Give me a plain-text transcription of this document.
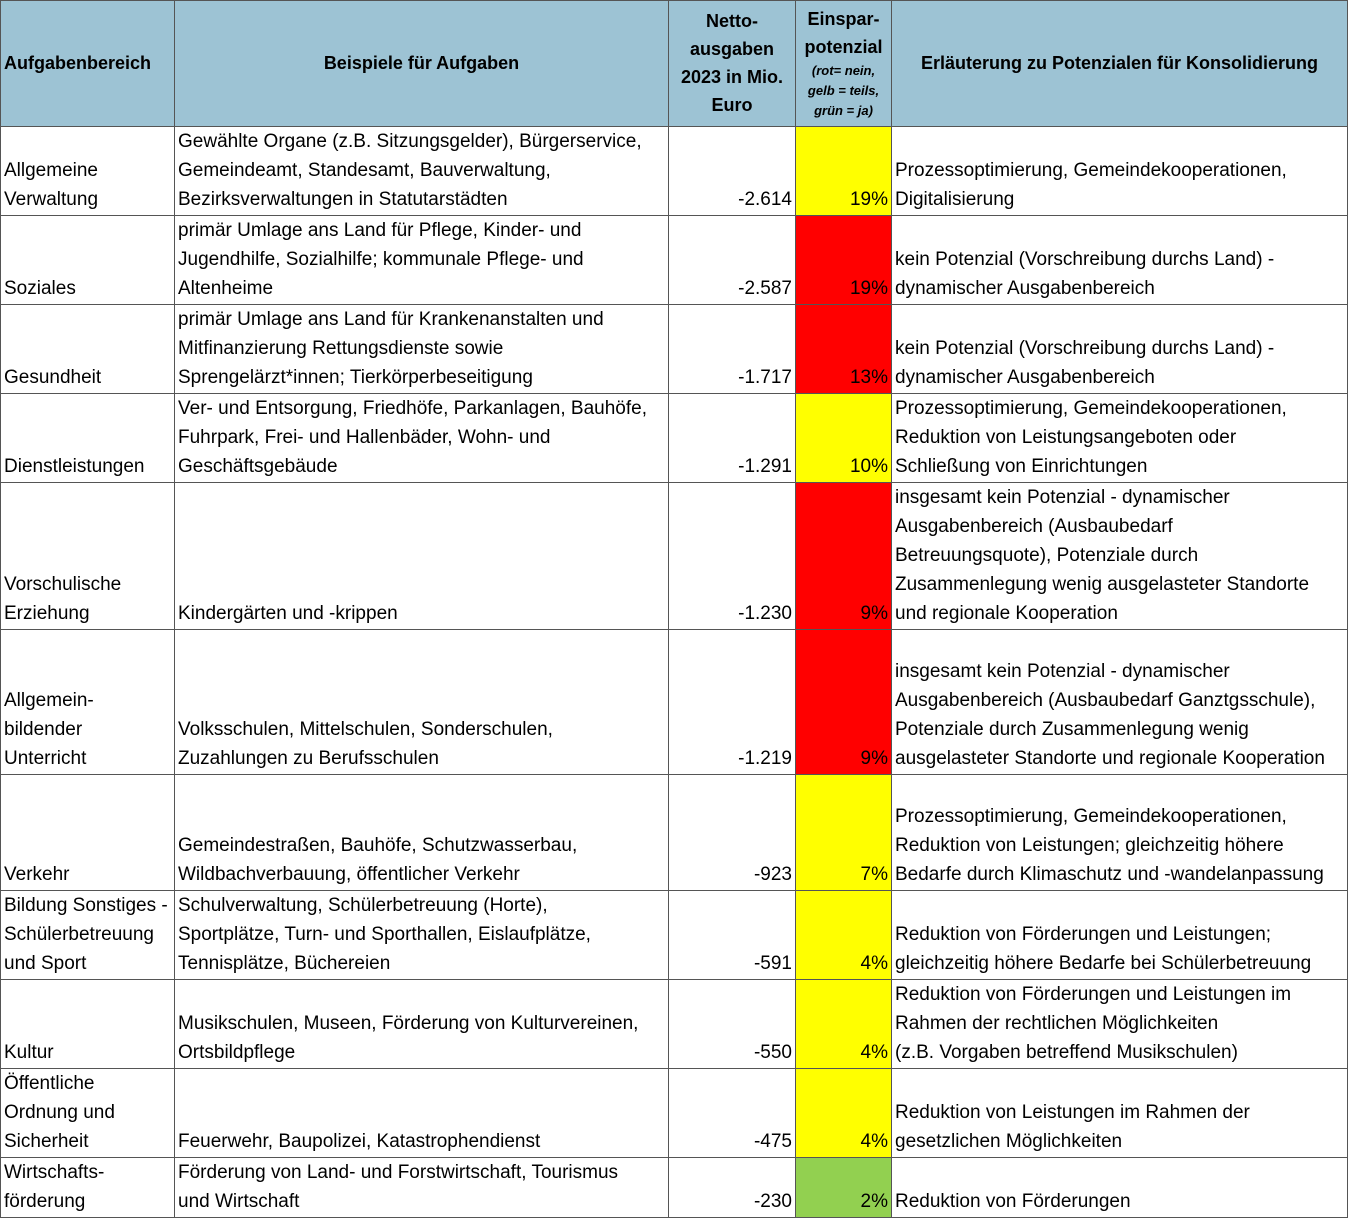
Aufgabenbereich	Beispiele für Aufgaben	Netto-
ausgaben
2023 in Mio.
Euro	Einspar-
potenzial
(rot= nein,
gelb = teils,
grün = ja)	Erläuterung zu Potenzialen für Konsolidierung

Allgemeine
Verwaltung	Gewählte Organe (z.B. Sitzungsgelder), Bürgerservice,
Gemeindeamt, Standesamt, Bauverwaltung,
Bezirksverwaltungen in Statutarstädten	-2.614	19%	Prozessoptimierung, Gemeindekooperationen,
Digitalisierung

Soziales	primär Umlage ans Land für Pflege, Kinder- und
Jugendhilfe, Sozialhilfe; kommunale Pflege- und
Altenheime	-2.587	19%	kein Potenzial (Vorschreibung durchs Land) -
dynamischer Ausgabenbereich

Gesundheit	primär Umlage ans Land für Krankenanstalten und
Mitfinanzierung Rettungsdienste sowie
Sprengelärzt*innen; Tierkörperbeseitigung	-1.717	13%	kein Potenzial (Vorschreibung durchs Land) -
dynamischer Ausgabenbereich

Dienstleistungen	Ver- und Entsorgung, Friedhöfe, Parkanlagen, Bauhöfe,
Fuhrpark, Frei- und Hallenbäder, Wohn- und
Geschäftsgebäude	-1.291	10%	Prozessoptimierung, Gemeindekooperationen,
Reduktion von Leistungsangeboten oder
Schließung von Einrichtungen

Vorschulische
Erziehung	Kindergärten und -krippen	-1.230	9%	insgesamt kein Potenzial - dynamischer
Ausgabenbereich (Ausbaubedarf
Betreuungsquote), Potenziale durch
Zusammenlegung wenig ausgelasteter Standorte
und regionale Kooperation

Allgemein-
bildender
Unterricht	Volksschulen, Mittelschulen, Sonderschulen,
Zuzahlungen zu Berufsschulen	-1.219	9%	insgesamt kein Potenzial - dynamischer
Ausgabenbereich (Ausbaubedarf Ganztgsschule),
Potenziale durch Zusammenlegung wenig
ausgelasteter Standorte und regionale Kooperation

Verkehr	Gemeindestraßen, Bauhöfe, Schutzwasserbau,
Wildbachverbauung, öffentlicher Verkehr	-923	7%	Prozessoptimierung, Gemeindekooperationen,
Reduktion von Leistungen; gleichzeitig höhere
Bedarfe durch Klimaschutz und -wandelanpassung

Bildung Sonstiges -
Schülerbetreuung
und Sport	Schulverwaltung, Schülerbetreuung (Horte),
Sportplätze, Turn- und Sporthallen, Eislaufplätze,
Tennisplätze, Büchereien	-591	4%	Reduktion von Förderungen und Leistungen;
gleichzeitig höhere Bedarfe bei Schülerbetreuung

Kultur	Musikschulen, Museen, Förderung von Kulturvereinen,
Ortsbildpflege	-550	4%	Reduktion von Förderungen und Leistungen im
Rahmen der rechtlichen Möglichkeiten
(z.B. Vorgaben betreffend Musikschulen)

Öffentliche
Ordnung und
Sicherheit	Feuerwehr, Baupolizei, Katastrophendienst	-475	4%	Reduktion von Leistungen im Rahmen der
gesetzlichen Möglichkeiten

Wirtschafts-
förderung	Förderung von Land- und Forstwirtschaft, Tourismus
und Wirtschaft	-230	2%	Reduktion von Förderungen
